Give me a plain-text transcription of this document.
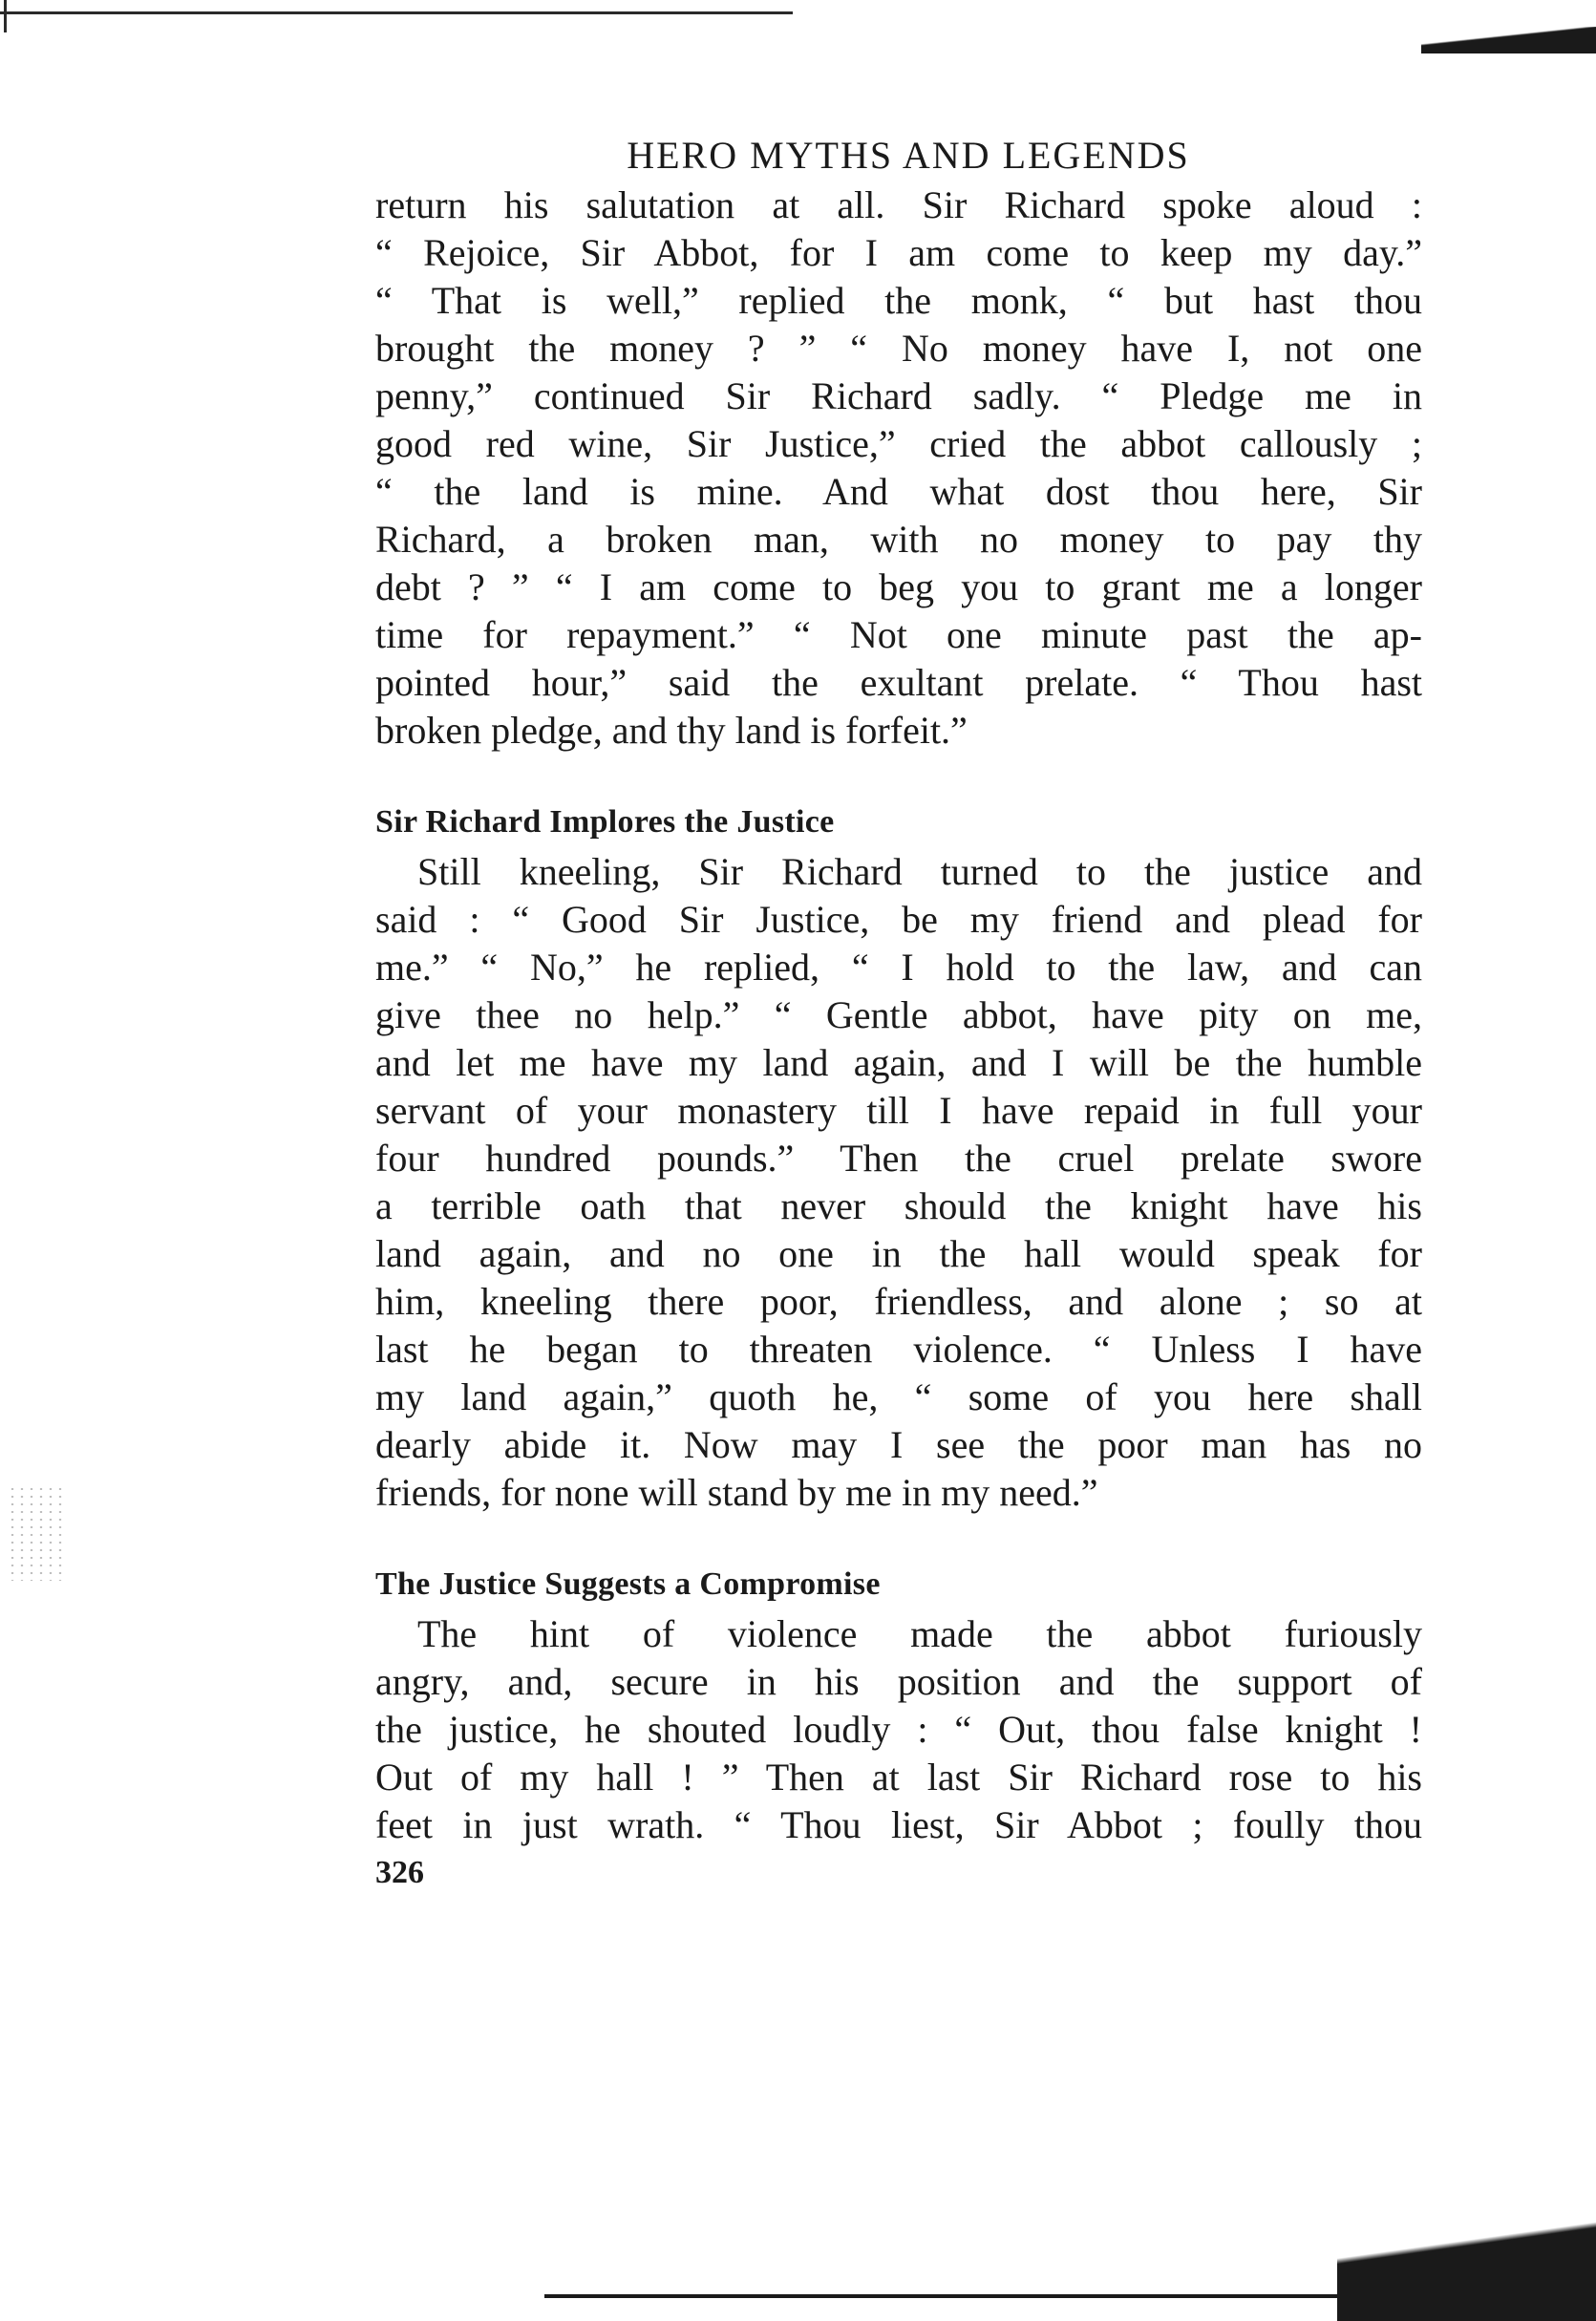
HERO MYTHS AND LEGENDS
return his salutation at all. Sir Richard spoke aloud :
“ Rejoice, Sir Abbot, for I am come to keep my day.”
“ That is well,” replied the monk, “ but hast thou
brought the money ? ” “ No money have I, not one
penny,” continued Sir Richard sadly. “ Pledge me in
good red wine, Sir Justice,” cried the abbot callously ;
“ the land is mine. And what dost thou here, Sir
Richard, a broken man, with no money to pay thy
debt ? ” “ I am come to beg you to grant me a longer
time for repayment.” “ Not one minute past the ap-
pointed hour,” said the exultant prelate. “ Thou hast
broken pledge, and thy land is forfeit.”
Sir Richard Implores the Justice
Still kneeling, Sir Richard turned to the justice and
said : “ Good Sir Justice, be my friend and plead for
me.” “ No,” he replied, “ I hold to the law, and can
give thee no help.” “ Gentle abbot, have pity on me,
and let me have my land again, and I will be the humble
servant of your monastery till I have repaid in full your
four hundred pounds.” Then the cruel prelate swore
a terrible oath that never should the knight have his
land again, and no one in the hall would speak for
him, kneeling there poor, friendless, and alone ; so at
last he began to threaten violence. “ Unless I have
my land again,” quoth he, “ some of you here shall
dearly abide it. Now may I see the poor man has no
friends, for none will stand by me in my need.”
The Justice Suggests a Compromise
The hint of violence made the abbot furiously
angry, and, secure in his position and the support of
the justice, he shouted loudly : “ Out, thou false knight !
Out of my hall ! ” Then at last Sir Richard rose to his
feet in just wrath. “ Thou liest, Sir Abbot ; foully thou
326
